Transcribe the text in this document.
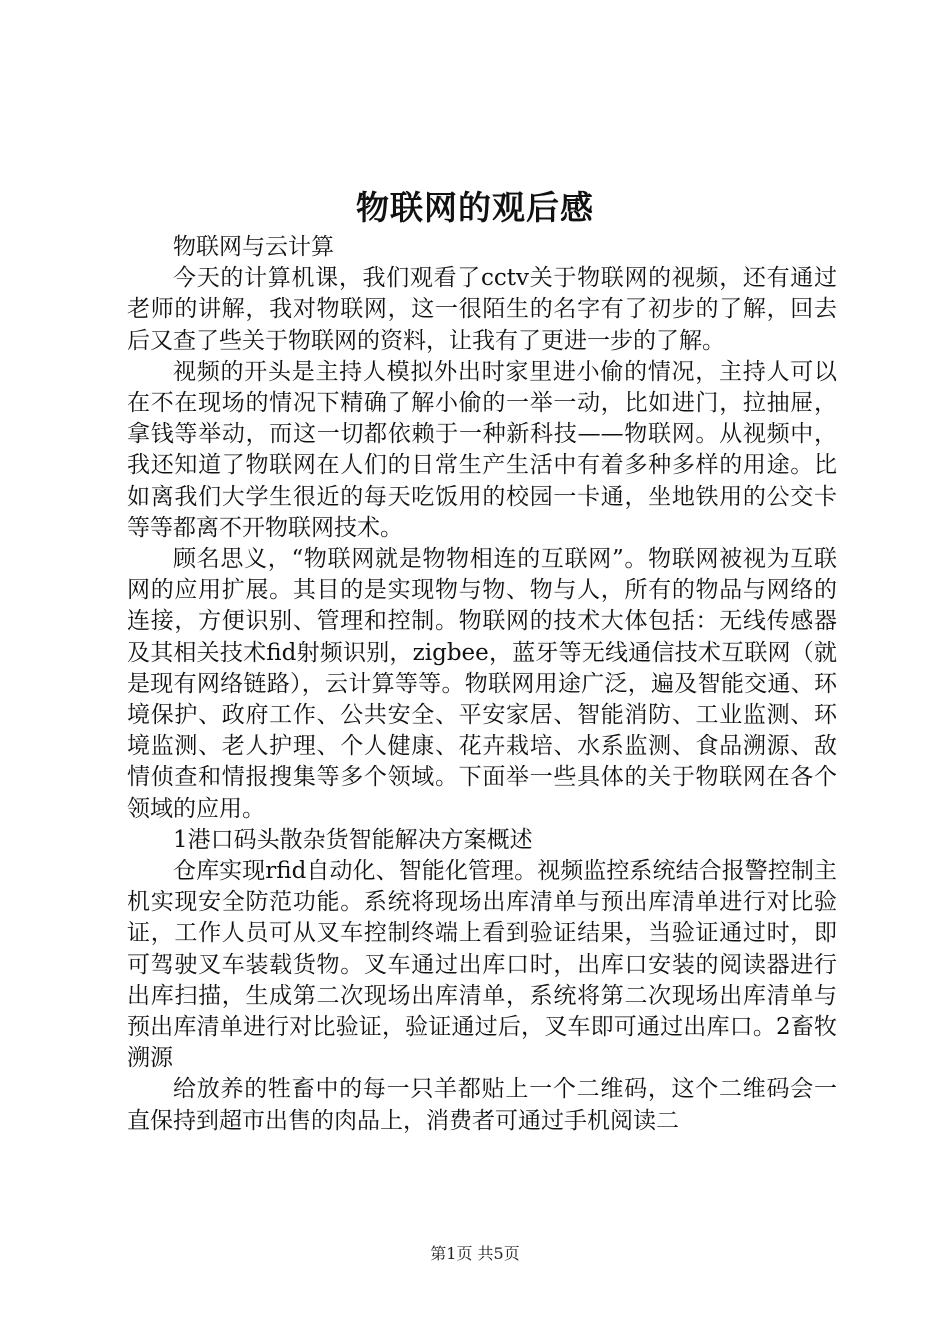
物联网的观后感

物联网与云计算

今天的计算机课，我们观看了cctv关于物联网的视频，还有通过老师的讲解，我对物联网，这一很陌生的名字有了初步的了解，回去后又查了些关于物联网的资料，让我有了更进一步的了解。

视频的开头是主持人模拟外出时家里进小偷的情况，主持人可以在不在现场的情况下精确了解小偷的一举一动，比如进门，拉抽屉，拿钱等举动，而这一切都依赖于一种新科技——物联网。从视频中，我还知道了物联网在人们的日常生产生活中有着多种多样的用途。比如离我们大学生很近的每天吃饭用的校园一卡通，坐地铁用的公交卡等等都离不开物联网技术。

顾名思义，“物联网就是物物相连的互联网”。物联网被视为互联网的应用扩展。其目的是实现物与物、物与人，所有的物品与网络的连接，方便识别、管理和控制。物联网的技术大体包括：无线传感器及其相关技术fid射频识别，zigbee，蓝牙等无线通信技术互联网（就是现有网络链路），云计算等等。物联网用途广泛，遍及智能交通、环境保护、政府工作、公共安全、平安家居、智能消防、工业监测、环境监测、老人护理、个人健康、花卉栽培、水系监测、食品溯源、敌情侦查和情报搜集等多个领域。下面举一些具体的关于物联网在各个领域的应用。

1港口码头散杂货智能解决方案概述

仓库实现rfid自动化、智能化管理。视频监控系统结合报警控制主机实现安全防范功能。系统将现场出库清单与预出库清单进行对比验证，工作人员可从叉车控制终端上看到验证结果，当验证通过时，即可驾驶叉车装载货物。叉车通过出库口时，出库口安装的阅读器进行出库扫描，生成第二次现场出库清单，系统将第二次现场出库清单与预出库清单进行对比验证，验证通过后，叉车即可通过出库口。2畜牧溯源

给放养的牲畜中的每一只羊都贴上一个二维码，这个二维码会一直保持到超市出售的肉品上，消费者可通过手机阅读二

第1页 共5页
